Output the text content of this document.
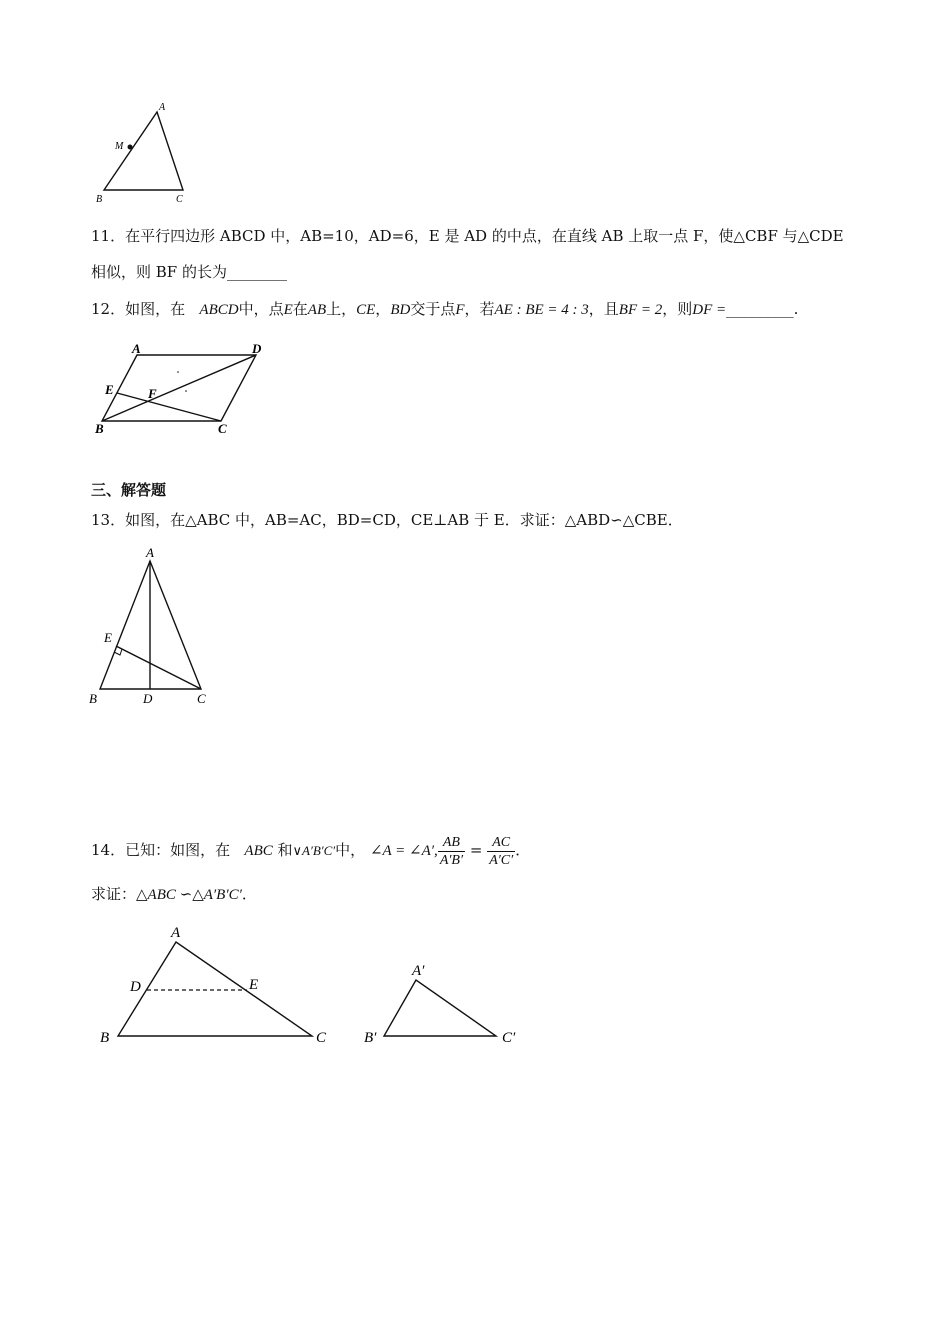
A
M
B	C
11．在平行四边形 ABCD 中，AB=10，AD=6，E 是 AD 的中点，在直线 AB 上取一点 F，使△CBF 与△CDE
相似，则 BF 的长为________
12．如图，在 ABCD中，点E在AB上，CE，BD交于点F，若AE : BE = 4 : 3，且BF = 2，则DF =_________.
A	D
E	F
B	C
三、解答题
13．如图，在△ABC 中，AB=AC，BD=CD，CE⊥AB 于 E．求证：△ABD∽△CBE．
A
E
B	D	C
14．已知：如图，在 ABC 和∨A′B′C′中， ∠A = ∠A′, $\frac{AB}{A'B'} = \frac{AC}{A'C'}$ ．
求证：△ABC ∽△A′B′C′．
A
D	E
B	C
A′
B′	C′
